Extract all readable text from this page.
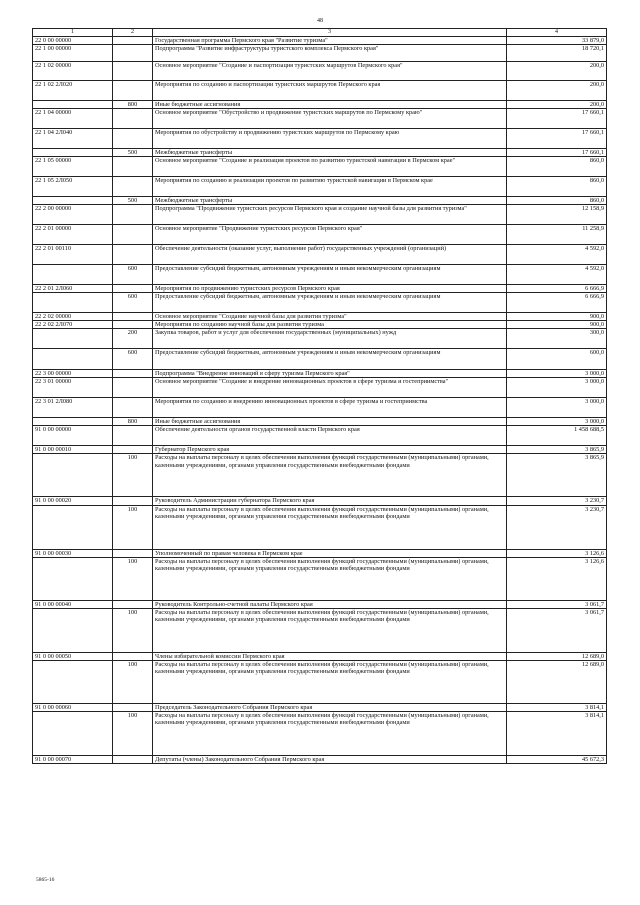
48
1	2	3	4
22 0 00 00000		Государственная программа Пермского края "Развитие туризма"	33 879,0
22 1 00 00000		Подпрограмма "Развитие инфраструктуры туристского комплекса Пермского края"	18 720,1
22 1 02 00000		Основное мероприятие "Создание и паспортизация туристских маршрутов Пермского края"	200,0
22 1 02 2Л020		Мероприятия по созданию и паспортизации туристских маршрутов Пермского края	200,0
	800	Иные бюджетные ассигнования	200,0
22 1 04 00000		Основное мероприятие "Обустройство и продвижение туристских маршрутов по Пермскому краю"	17 660,1
22 1 04 2Л040		Мероприятия по обустройству и продвижению туристских маршрутов по Пермскому краю	17 660,1
	500	Межбюджетные трансферты	17 660,1
22 1 05 00000		Основное мероприятие "Создание и реализация проектов по развитию туристской навигации в Пермском крае"	860,0
22 1 05 2Л050		Мероприятия по созданию и реализации проектов по развитию туристской навигации в Пермском крае	860,0
	500	Межбюджетные трансферты	860,0
22 2 00 00000		Подпрограмма "Продвижение туристских ресурсов Пермского края и создание научной базы для развития туризма"	12 158,9
22 2 01 00000		Основное мероприятие "Продвижение туристских ресурсов Пермского края"	11 258,9
22 2 01 00110		Обеспечение деятельности (оказание услуг, выполнение работ) государственных учреждений (организаций)	4 592,0
	600	Предоставление субсидий бюджетным, автономным учреждениям и иным некоммерческим организациям	4 592,0
22 2 01 2Л060		Мероприятия по продвижению туристских ресурсов Пермского края	6 666,9
	600	Предоставление субсидий бюджетным, автономным учреждениям и иным некоммерческим организациям	6 666,9
22 2 02 00000		Основное мероприятие "Создание научной базы для развития туризма"	900,0
22 2 02 2Л070		Мероприятия по созданию научной базы для развития туризма	900,0
	200	Закупка товаров, работ и услуг для обеспечения государственных (муниципальных) нужд	300,0
	600	Предоставление субсидий бюджетным, автономным учреждениям и иным некоммерческим организациям	600,0
22 3 00 00000		Подпрограмма "Внедрение инноваций в сферу туризма Пермского края"	3 000,0
22 3 01 00000		Основное мероприятие "Создание и внедрение инновационных проектов в сфере туризма и гостеприимства"	3 000,0
22 3 01 2Л080		Мероприятия по созданию и внедрению инновационных проектов в сфере туризма и гостеприимства	3 000,0
	800	Иные бюджетные ассигнования	3 000,0
91 0 00 00000		Обеспечение деятельности органов государственной власти Пермского края	1 458 688,5
91 0 00 00010		Губернатор Пермского края	3 865,9
	100	Расходы на выплаты персоналу в целях обеспечения выполнения функций государственными (муниципальными) органами, казенными учреждениями, органами управления государственными внебюджетными фондами	3 865,9
91 0 00 00020		Руководитель Администрации губернатора Пермского края	3 230,7
	100	Расходы на выплаты персоналу в целях обеспечения выполнения функций государственными (муниципальными) органами, казенными учреждениями, органами управления государственными внебюджетными фондами	3 230,7
91 0 00 00030		Уполномоченный по правам человека в Пермском крае	3 126,6
	100	Расходы на выплаты персоналу в целях обеспечения выполнения функций государственными (муниципальными) органами, казенными учреждениями, органами управления государственными внебюджетными фондами	3 126,6
91 0 00 00040		Руководитель Контрольно-счетной палаты Пермского края	3 061,7
	100	Расходы на выплаты персоналу в целях обеспечения выполнения функций государственными (муниципальными) органами, казенными учреждениями, органами управления государственными внебюджетными фондами	3 061,7
91 0 00 00050		Члены избирательной комиссии Пермского края	12 689,0
	100	Расходы на выплаты персоналу в целях обеспечения выполнения функций государственными (муниципальными) органами, казенными учреждениями, органами управления государственными внебюджетными фондами	12 689,0
91 0 00 00060		Председатель Законодательного Собрания Пермского края	3 814,1
	100	Расходы на выплаты персоналу в целях обеспечения выполнения функций государственными (муниципальными) органами, казенными учреждениями, органами управления государственными внебюджетными фондами	3 814,1
91 0 00 00070		Депутаты (члены) Законодательного Собрания Пермского края	45 672,3
5865-16
